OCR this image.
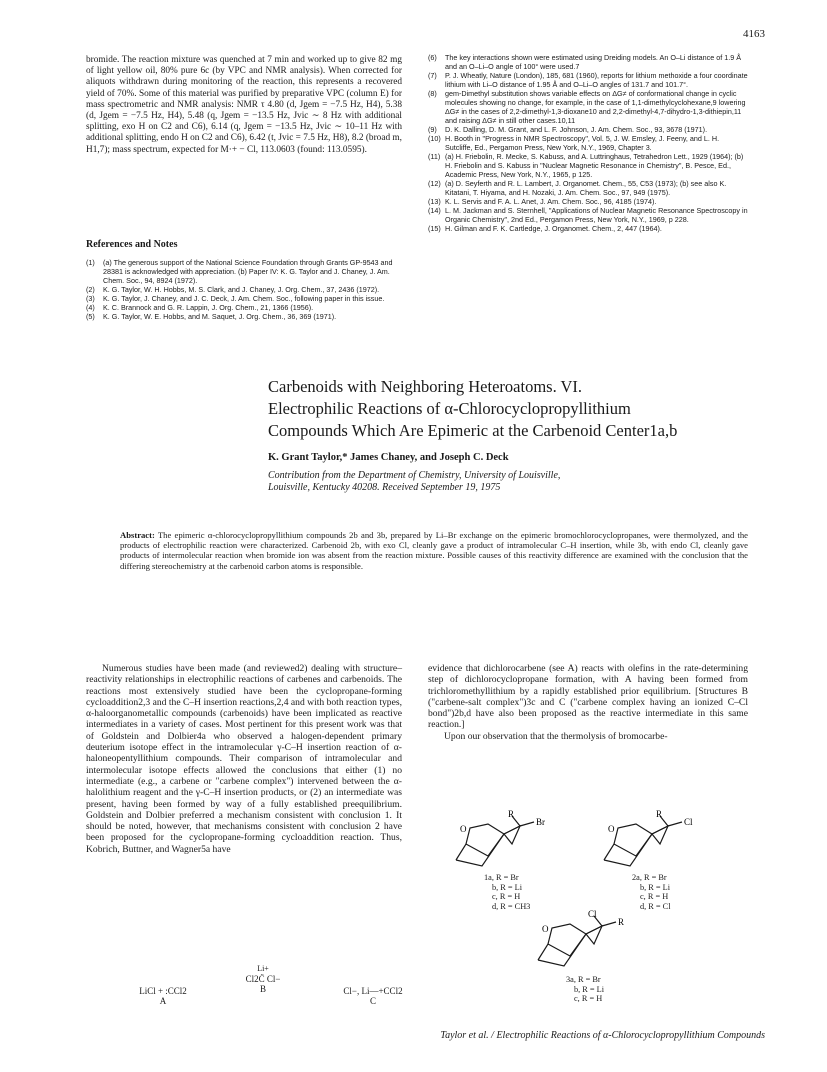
4163
bromide. The reaction mixture was quenched at 7 min and worked up to give 82 mg of light yellow oil, 80% pure 6c (by VPC and NMR analysis). When corrected for aliquots withdrawn during monitoring of the reaction, this represents a recovered yield of 70%. Some of this material was purified by preparative VPC (column E) for mass spectrometric and NMR analysis: NMR τ 4.80 (d, Jgem = −7.5 Hz, H4), 5.38 (d, Jgem = −7.5 Hz, H4), 5.48 (q, Jgem = −13.5 Hz, Jvic ∼ 8 Hz with additional splitting, exo H on C2 and C6), 6.14 (q, Jgem = −13.5 Hz, Jvic ∼ 10–11 Hz with additional splitting, endo H on C2 and C6), 6.42 (t, Jvic = 7.5 Hz, H8), 8.2 (broad m, H1,7); mass spectrum, expected for M·+ − Cl, 113.0603 (found: 113.0595).
References and Notes
(1)	(a) The generous support of the National Science Foundation through Grants GP-9543 and 28381 is acknowledged with appreciation. (b) Paper IV: K. G. Taylor and J. Chaney, J. Am. Chem. Soc., 94, 8924 (1972).
(2)	K. G. Taylor, W. H. Hobbs, M. S. Clark, and J. Chaney, J. Org. Chem., 37, 2436 (1972).
(3)	K. G. Taylor, J. Chaney, and J. C. Deck, J. Am. Chem. Soc., following paper in this issue.
(4)	K. C. Brannock and G. R. Lappin, J. Org. Chem., 21, 1366 (1956).
(5)	K. G. Taylor, W. E. Hobbs, and M. Saquet, J. Org. Chem., 36, 369 (1971).
(6)	The key interactions shown were estimated using Dreiding models. An O–Li distance of 1.9 Å and an O–Li–O angle of 100° were used.7
(7)	P. J. Wheatly, Nature (London), 185, 681 (1960), reports for lithium methoxide a four coordinate lithium with Li–O distance of 1.95 Å and O–Li–O angles of 131.7 and 101.7°.
(8)	gem-Dimethyl substitution shows variable effects on ΔG≠ of conformational change in cyclic molecules showing no change, for example, in the case of 1,1-dimethylcyclohexane,9 lowering ΔG≠ in the cases of 2,2-dimethyl-1,3-dioxane10 and 2,2-dimethyl-4,7-dihydro-1,3-dithiepin,11 and raising ΔG≠ in still other cases.10,11
(9)	D. K. Dalling, D. M. Grant, and L. F. Johnson, J. Am. Chem. Soc., 93, 3678 (1971).
(10) H. Booth in "Progress in NMR Spectroscopy", Vol. 5, J. W. Emsley, J. Feeny, and L. H. Sutcliffe, Ed., Pergamon Press, New York, N.Y., 1969, Chapter 3.
(11) (a) H. Friebolin, R. Mecke, S. Kabuss, and A. Luttringhaus, Tetrahedron Lett., 1929 (1964); (b) H. Friebolin and S. Kabuss in "Nuclear Magnetic Resonance in Chemistry", B. Pesce, Ed., Academic Press, New York, N.Y., 1965, p 125.
(12) (a) D. Seyferth and R. L. Lambert, J. Organomet. Chem., 55, C53 (1973); (b) see also K. Kitatani, T. Hiyama, and H. Nozaki, J. Am. Chem. Soc., 97, 949 (1975).
(13) K. L. Servis and F. A. L. Anet, J. Am. Chem. Soc., 96, 4185 (1974).
(14) L. M. Jackman and S. Sternhell, "Applications of Nuclear Magnetic Resonance Spectroscopy in Organic Chemistry", 2nd Ed., Pergamon Press, New York, N.Y., 1969, p 228.
(15) H. Gilman and F. K. Cartledge, J. Organomet. Chem., 2, 447 (1964).
Carbenoids with Neighboring Heteroatoms. VI.
Electrophilic Reactions of α-Chlorocyclopropyllithium
Compounds Which Are Epimeric at the Carbenoid Center1a,b
K. Grant Taylor,* James Chaney, and Joseph C. Deck
Contribution from the Department of Chemistry, University of Louisville,
Louisville, Kentucky 40208. Received September 19, 1975
Abstract: The epimeric α-chlorocyclopropyllithium compounds 2b and 3b, prepared by Li–Br exchange on the epimeric bromochlorocyclopropanes, were thermolyzed, and the products of electrophilic reaction were characterized. Carbenoid 2b, with exo Cl, cleanly gave a product of intramolecular C–H insertion, while 3b, with endo Cl, cleanly gave products of intermolecular reaction when bromide ion was absent from the reaction mixture. Possible causes of this reactivity difference are examined with the conclusion that the differing stereochemistry at the carbenoid carbon atoms is responsible.
Numerous studies have been made (and reviewed2) dealing with structure–reactivity relationships in electrophilic reactions of carbenes and carbenoids. The reactions most extensively studied have been the cyclopropane-forming cycloaddition2,3 and the C–H insertion reactions,2,4 and with both reaction types, α-haloorganometallic compounds (carbenoids) have been implicated as reactive intermediates in a variety of cases. Most pertinent for this present work was that of Goldstein and Dolbier4a who observed a halogen-dependent primary deuterium isotope effect in the intramolecular γ-C–H insertion reaction of α-haloneopentyllithium compounds. Their comparison of intramolecular and intermolecular isotope effects allowed the conclusions that either (1) no intermediate (e.g., a carbene or "carbene complex") intervened between the α-halolithium reagent and the γ-C–H insertion products, or (2) an intermediate was present, having been formed by way of a fully established preequilibrium. Goldstein and Dolbier preferred a mechanism consistent with conclusion 1. It should be noted, however, that mechanisms consistent with conclusion 2 have been proposed for the cyclopropane-forming cycloaddition reaction. Thus, Kobrich, Buttner, and Wagner5a have
evidence that dichlorocarbene (see A) reacts with olefins in the rate-determining step of dichlorocyclopropane formation, with A having been formed from trichloromethyllithium by a rapidly established prior equilibrium. [Structures B ("carbene-salt complex")3c and C ("carbene complex having an ionized C–Cl bond")2b,d have also been proposed as the reactive intermediate in this same reaction.]
Upon our observation that the thermolysis of bromocarbe-
R
Br
O
1a, R = Br
b, R = Li
c, R = H
d, R = CH3
R
Cl
O
2a, R = Br
b, R = Li
c, R = H
d, R = Cl
Cl
R
O
3a, R = Br
b, R = Li
c, R = H
LiCl + :CCl2
A
Li+
Cl2C̈ Cl−
B	Cl−, Li—+CCl2
C
Taylor et al. / Electrophilic Reactions of α-Chlorocyclopropyllithium Compounds
